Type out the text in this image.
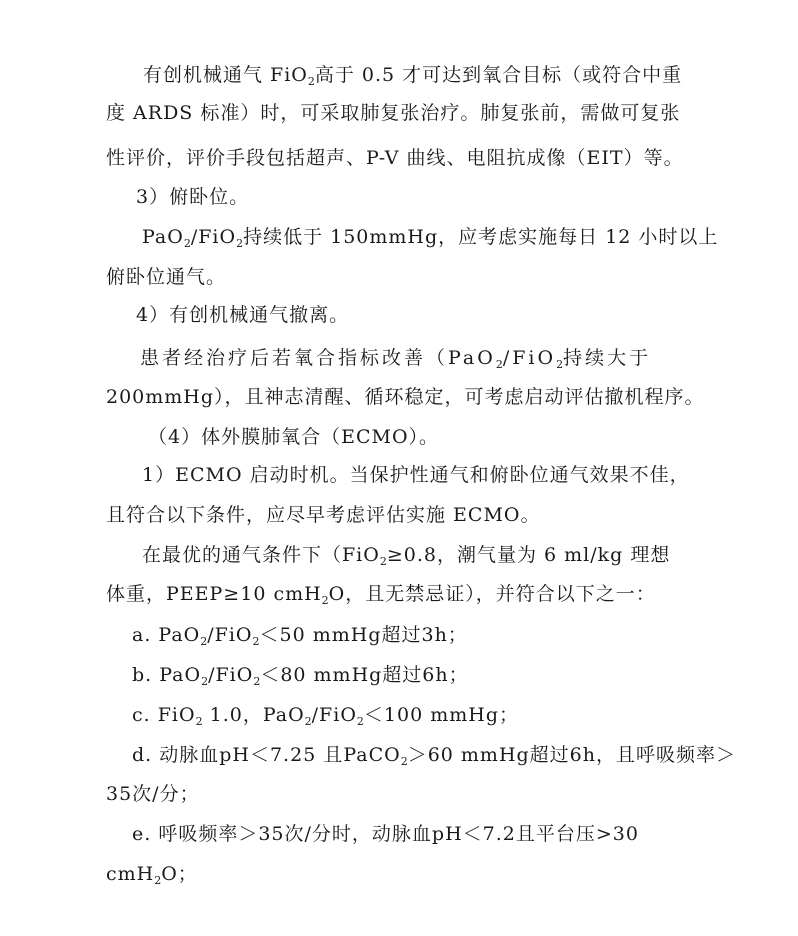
有创机械通气 FiO$_2$高于 0.5 才可达到氧合目标（或符合中重
度 ARDS 标准）时，可采取肺复张治疗。肺复张前，需做可复张
性评价，评价手段包括超声、P-V 曲线、电阻抗成像（EIT）等。
3）俯卧位。
PaO$_2$/FiO$_2$持续低于 150mmHg，应考虑实施每日 12 小时以上
俯卧位通气。
4）有创机械通气撤离。
患者经治疗后若氧合指标改善（PaO$_2$/FiO$_2$持续大于
200mmHg），且神志清醒、循环稳定，可考虑启动评估撤机程序。
（4）体外膜肺氧合（ECMO）。
1）ECMO 启动时机。当保护性通气和俯卧位通气效果不佳，
且符合以下条件，应尽早考虑评估实施 ECMO。
在最优的通气条件下（FiO$_2$≥0.8，潮气量为 6 ml/kg 理想
体重，PEEP≥10 cmH$_2$O，且无禁忌证），并符合以下之一：
a. PaO$_2$/FiO$_2$＜50 mmHg超过3h；
b. PaO$_2$/FiO$_2$＜80 mmHg超过6h；
c. FiO$_2$ 1.0，PaO$_2$/FiO$_2$＜100 mmHg；
d. 动脉血pH＜7.25 且PaCO$_2$＞60 mmHg超过6h，且呼吸频率＞
35次/分；
e. 呼吸频率＞35次/分时，动脉血pH＜7.2且平台压>30
cmH$_2$O；
